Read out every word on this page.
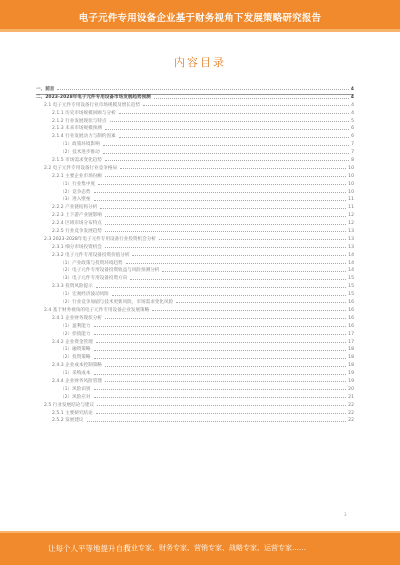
电子元件专用设备企业基于财务视角下发展策略研究报告
内容目录
一、前言	4
二、2023-2028年电子元件专用设备市场发展趋势预测	4
2.1 电子元件专用设备行业市场规模及增长趋势	4
2.1.1 历史市场规模回顾与分析	4
2.1.2 行业发展现状与特点	5
2.1.3 未来市场规模预测	6
2.1.4 行业发展动力与制约因素	6
（1）政策环境影响	7
（2）技术进步推动	7
2.1.5 市场需求变化趋势	8
2.2 电子元件专用设备行业竞争格局	10
2.2.1 主要企业市场份额	10
（1）行业集中度	10
（2）竞争态势	10
（3）进入壁垒	11
2.2.2 产业链结构分析	11
2.2.3 上下游产业链影响	12
2.2.4 区域市场分布特点	12
2.2.5 行业竞争发展趋势	13
2.3 2023-2028年电子元件专用设备行业投资机会分析	13
2.3.1 细分市场投资机会	13
2.3.2 电子元件专用设备投资价值分析	14
（1）产业政策与投资环境趋势	14
（2）电子元件专用设备投资收益与风险预测分析	14
（3）电子元件专用设备投资方向	15
2.3.3 投资风险提示	15
（1）宏观经济波动风险	15
（2）行业竞争加剧与技术更新风险，市场需求变化风险	16
2.4 基于财务视角的电子元件专用设备企业发展策略	16
2.4.1 企业财务现状分析	16
（1）盈利能力	16
（2）偿债能力	17
2.4.2 企业资金管理	17
（1）融资策略	18
（2）投资策略	18
2.4.3 企业成本控制策略	18
（1）采购成本	19
2.4.4 企业财务风险管理	19
（1）风险识别	20
（2）风险应对	21
2.5 行业发展结论与建议	22
2.5.1 主要研究结论	22
2.5.2 发展建议	22
3
让每个人平等地提升自我
行业专家、财务专家、营销专家、战略专家、运营专家……
